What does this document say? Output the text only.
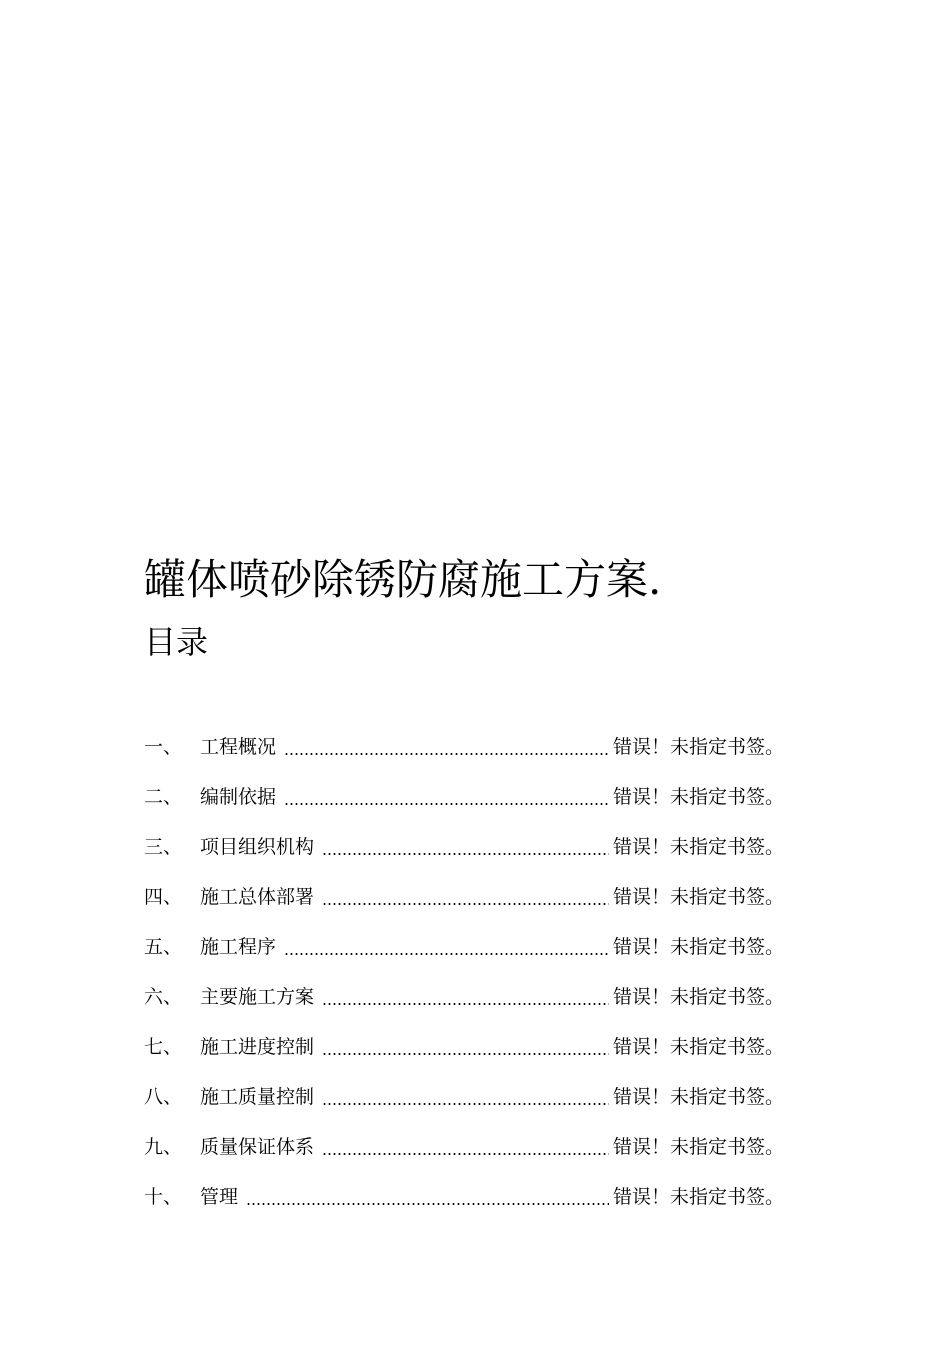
罐体喷砂除锈防腐施工方案.
目录
一、 工程概况	错误！未指定书签。
二、 编制依据	错误！未指定书签。
三、 项目组织机构	错误！未指定书签。
四、 施工总体部署	错误！未指定书签。
五、 施工程序	错误！未指定书签。
六、 主要施工方案	错误！未指定书签。
七、 施工进度控制	错误！未指定书签。
八、 施工质量控制	错误！未指定书签。
九、 质量保证体系	错误！未指定书签。
十、 管理	错误！未指定书签。
